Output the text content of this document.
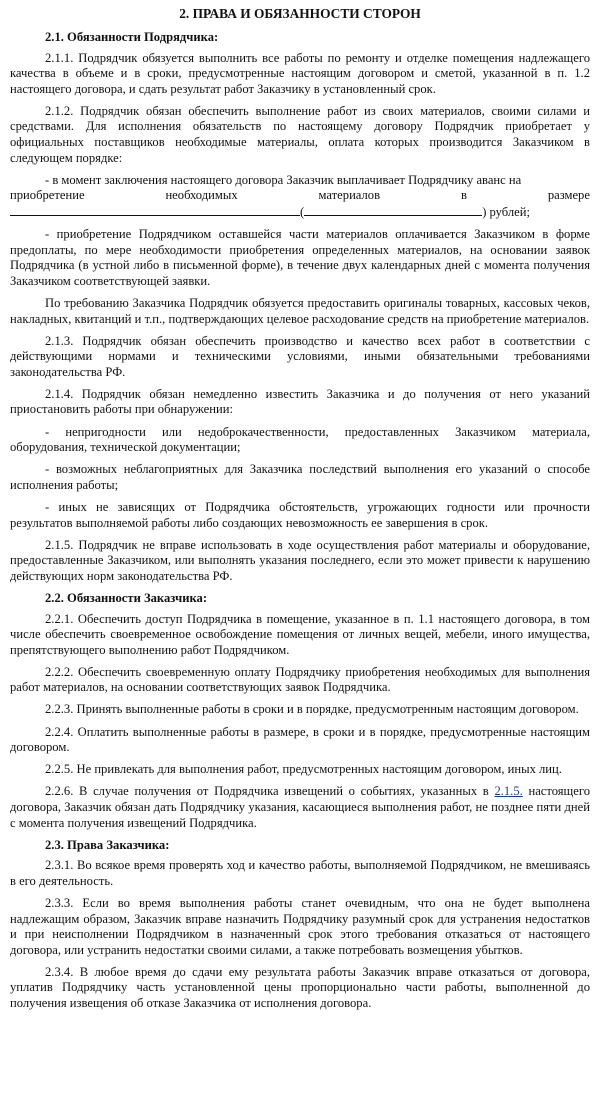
2. ПРАВА И ОБЯЗАННОСТИ СТОРОН
2.1. Обязанности Подрядчика:

2.1.1. Подрядчик обязуется выполнить все работы по ремонту и отделке помещения надлежащего качества в объеме и в сроки, предусмотренные настоящим договором и сметой, указанной в п. 1.2 настоящего договора, и сдать результат работ Заказчику в установленный срок.

2.1.2. Подрядчик обязан обеспечить выполнение работ из своих материалов, своими силами и средствами. Для исполнения обязательств по настоящему договору Подрядчик приобретает у официальных поставщиков необходимые материалы, оплата которых производится Заказчиком в следующем порядке:

- в момент заключения настоящего договора Заказчик выплачивает Подрядчику аванс на
приобретение	необходимых	материалов	в	размере
(	) рублей;

- приобретение Подрядчиком оставшейся части материалов оплачивается Заказчиком в форме предоплаты, по мере необходимости приобретения определенных материалов, на основании заявок Подрядчика (в устной либо в письменной форме), в течение двух календарных дней с момента получения Заказчиком соответствующей заявки.

По требованию Заказчика Подрядчик обязуется предоставить оригиналы товарных, кассовых чеков, накладных, квитанций и т.п., подтверждающих целевое расходование средств на приобретение материалов.

2.1.3. Подрядчик обязан обеспечить производство и качество всех работ в соответствии с действующими нормами и техническими условиями, иными обязательными требованиями законодательства РФ.

2.1.4. Подрядчик обязан немедленно известить Заказчика и до получения от него указаний приостановить работы при обнаружении:

- непригодности или недоброкачественности, предоставленных Заказчиком материала, оборудования, технической документации;

- возможных неблагоприятных для Заказчика последствий выполнения его указаний о способе исполнения работы;

- иных не зависящих от Подрядчика обстоятельств, угрожающих годности или прочности результатов выполняемой работы либо создающих невозможность ее завершения в срок.

2.1.5. Подрядчик не вправе использовать в ходе осуществления работ материалы и оборудование, предоставленные Заказчиком, или выполнять указания последнего, если это может привести к нарушению действующих норм законодательства РФ.

2.2. Обязанности Заказчика:

2.2.1. Обеспечить доступ Подрядчика в помещение, указанное в п. 1.1 настоящего договора, в том числе обеспечить своевременное освобождение помещения от личных вещей, мебели, иного имущества, препятствующего выполнению работ Подрядчиком.

2.2.2. Обеспечить своевременную оплату Подрядчику приобретения необходимых для выполнения работ материалов, на основании соответствующих заявок Подрядчика.

2.2.3. Принять выполненные работы в сроки и в порядке, предусмотренным настоящим договором.

2.2.4. Оплатить выполненные работы в размере, в сроки и в порядке, предусмотренные настоящим договором.

2.2.5. Не привлекать для выполнения работ, предусмотренных настоящим договором, иных лиц.

2.2.6. В случае получения от Подрядчика извещений о событиях, указанных в 2.1.5. настоящего договора, Заказчик обязан дать Подрядчику указания, касающиеся выполнения работ, не позднее пяти дней с момента получения извещений Подрядчика.

2.3. Права Заказчика:

2.3.1. Во всякое время проверять ход и качество работы, выполняемой Подрядчиком, не вмешиваясь в его деятельность.

2.3.3. Если во время выполнения работы станет очевидным, что она не будет выполнена надлежащим образом, Заказчик вправе назначить Подрядчику разумный срок для устранения недостатков и при неисполнении Подрядчиком в назначенный срок этого требования отказаться от настоящего договора, или устранить недостатки своими силами, а также потребовать возмещения убытков.

2.3.4. В любое время до сдачи ему результата работы Заказчик вправе отказаться от договора, уплатив Подрядчику часть установленной цены пропорционально части работы, выполненной до получения извещения об отказе Заказчика от исполнения договора.
